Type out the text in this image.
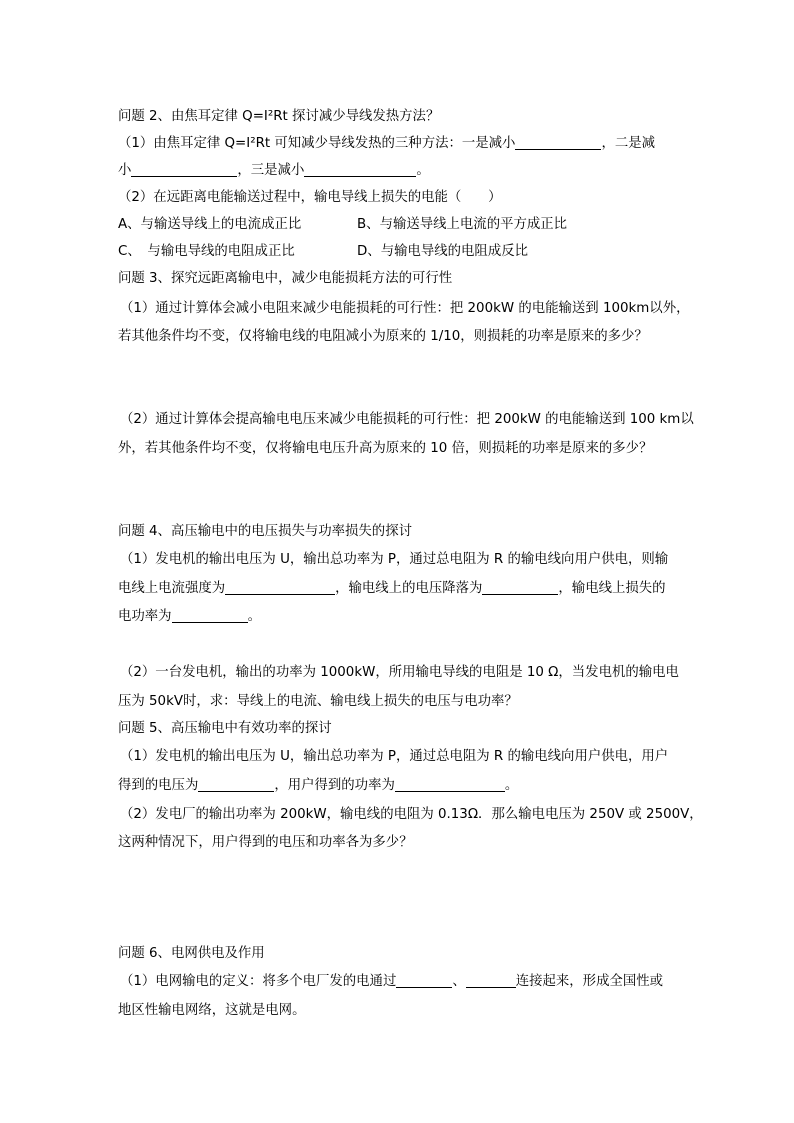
问题 2、由焦耳定律 Q=I²Rt 探讨减少导线发热方法？
（1）由焦耳定律 Q=I²Rt 可知减少导线发热的三种方法：一是减小	，二是减
小	，三是减小	。
（2）在远距离电能输送过程中，输电导线上损失的电能（　　）
A、与输送导线上的电流成正比	B、与输送导线上电流的平方成正比
C、　与输电导线的电阻成正比	D、与输电导线的电阻成反比
问题 3、探究远距离输电中，减少电能损耗方法的可行性
（1）通过计算体会减小电阻来减少电能损耗的可行性：把 200kW 的电能输送到 100km以外，
若其他条件均不变，仅将输电线的电阻减小为原来的 1/10，则损耗的功率是原来的多少？
（2）通过计算体会提高输电电压来减少电能损耗的可行性：把 200kW 的电能输送到 100 km以
外，若其他条件均不变，仅将输电电压升高为原来的 10 倍，则损耗的功率是原来的多少？
问题 4、高压输电中的电压损失与功率损失的探讨
（1）发电机的输出电压为 U，输出总功率为 P，通过总电阻为 R 的输电线向用户供电，则输
电线上电流强度为	，输电线上的电压降落为	，输电线上损失的
电功率为	。
（2）一台发电机，输出的功率为 1000kW，所用输电导线的电阻是 10 Ω，当发电机的输电电
压为 50kV时，求：导线上的电流、输电线上损失的电压与电功率？
问题 5、高压输电中有效功率的探讨
（1）发电机的输出电压为 U，输出总功率为 P，通过总电阻为 R 的输电线向用户供电，用户
得到的电压为	，用户得到的功率为	。
（2）发电厂的输出功率为 200kW，输电线的电阻为 0.13Ω．那么输电电压为 250V 或 2500V，
这两种情况下，用户得到的电压和功率各为多少？
问题 6、电网供电及作用
（1）电网输电的定义：将多个电厂发的电通过	、	连接起来，形成全国性或
地区性输电网络，这就是电网。
